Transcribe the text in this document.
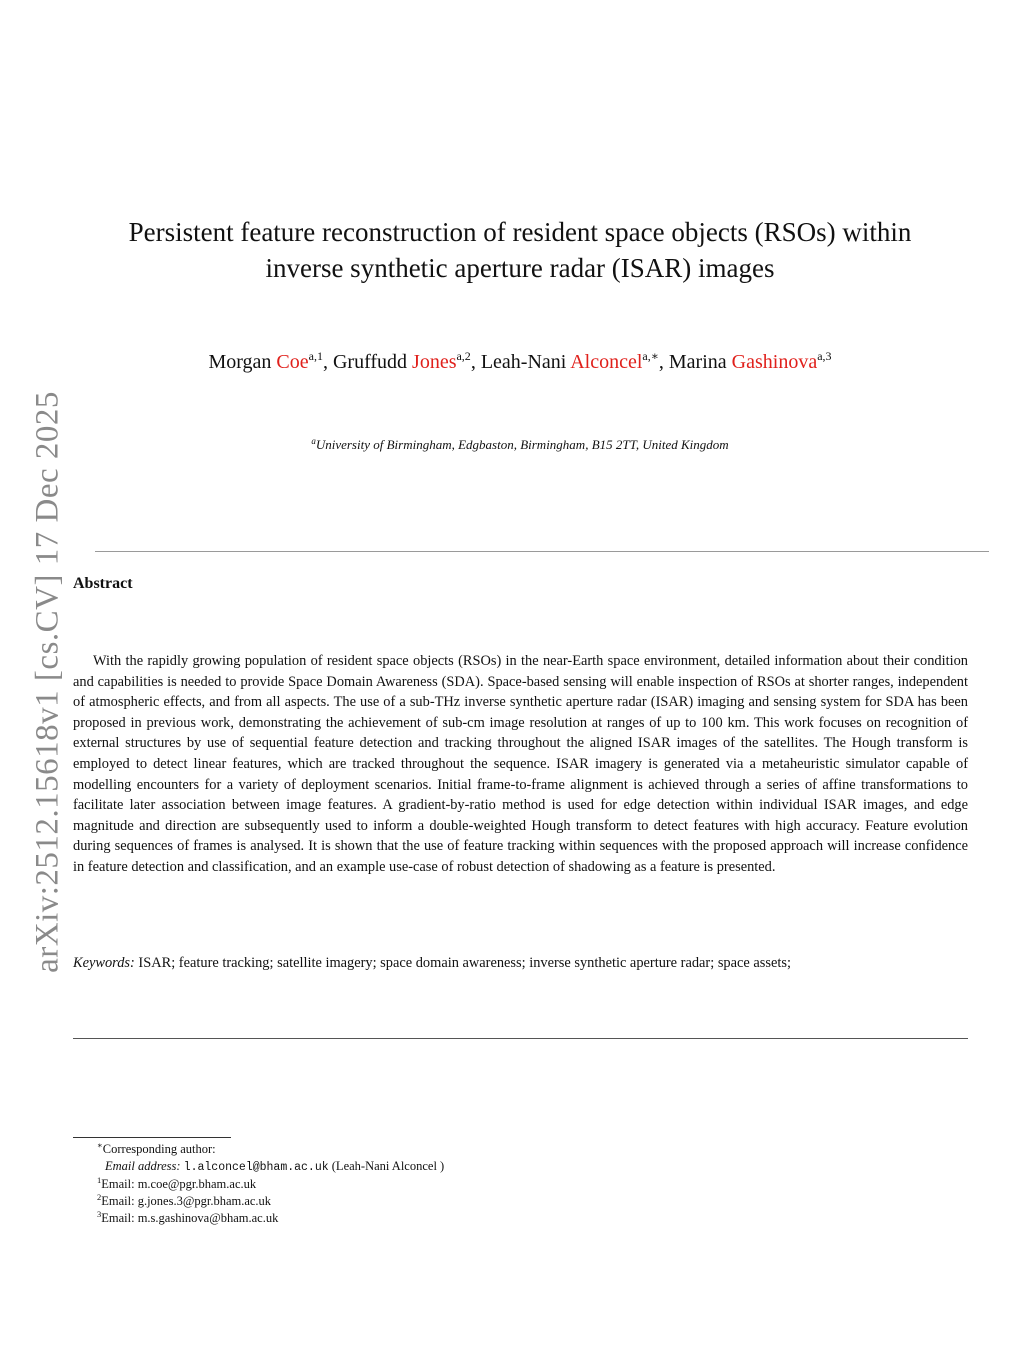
arXiv:2512.15618v1 [cs.CV] 17 Dec 2025
Persistent feature reconstruction of resident space objects (RSOs) within
inverse synthetic aperture radar (ISAR) images
Morgan Coe$^{a,1}$, Gruffudd Jones$^{a,2}$, Leah-Nani Alconcel$^{a,∗}$, Marina Gashinova$^{a,3}$
$^a$University of Birmingham, Edgbaston, Birmingham, B15 2TT, United Kingdom
Abstract

With the rapidly growing population of resident space objects (RSOs) in the near-Earth space environment, detailed information about their condition and capabilities is needed to provide Space Domain Awareness (SDA). Space-based sensing will enable inspection of RSOs at shorter ranges, independent of atmospheric effects, and from all aspects. The use of a sub-THz inverse synthetic aperture radar (ISAR) imaging and sensing system for SDA has been proposed in previous work, demonstrating the achievement of sub-cm image resolution at ranges of up to 100 km. This work focuses on recognition of external structures by use of sequential feature detection and tracking throughout the aligned ISAR images of the satellites. The Hough transform is employed to detect linear features, which are tracked throughout the sequence. ISAR imagery is generated via a metaheuristic simulator capable of modelling encounters for a variety of deployment scenarios. Initial frame-to-frame alignment is achieved through a series of affine transformations to facilitate later association between image features. A gradient-by-ratio method is used for edge detection within individual ISAR images, and edge magnitude and direction are subsequently used to inform a double-weighted Hough transform to detect features with high accuracy. Feature evolution during sequences of frames is analysed. It is shown that the use of feature tracking within sequences with the proposed approach will increase confidence in feature detection and classification, and an example use-case of robust detection of shadowing as a feature is presented.

Keywords: ISAR; feature tracking; satellite imagery; space domain awareness; inverse synthetic aperture radar; space assets;
∗Corresponding author:
Email address: l.alconcel@bham.ac.uk (Leah-Nani Alconcel )
$^1$Email: m.coe@pgr.bham.ac.uk
$^2$Email: g.jones.3@pgr.bham.ac.uk
$^3$Email: m.s.gashinova@bham.ac.uk
